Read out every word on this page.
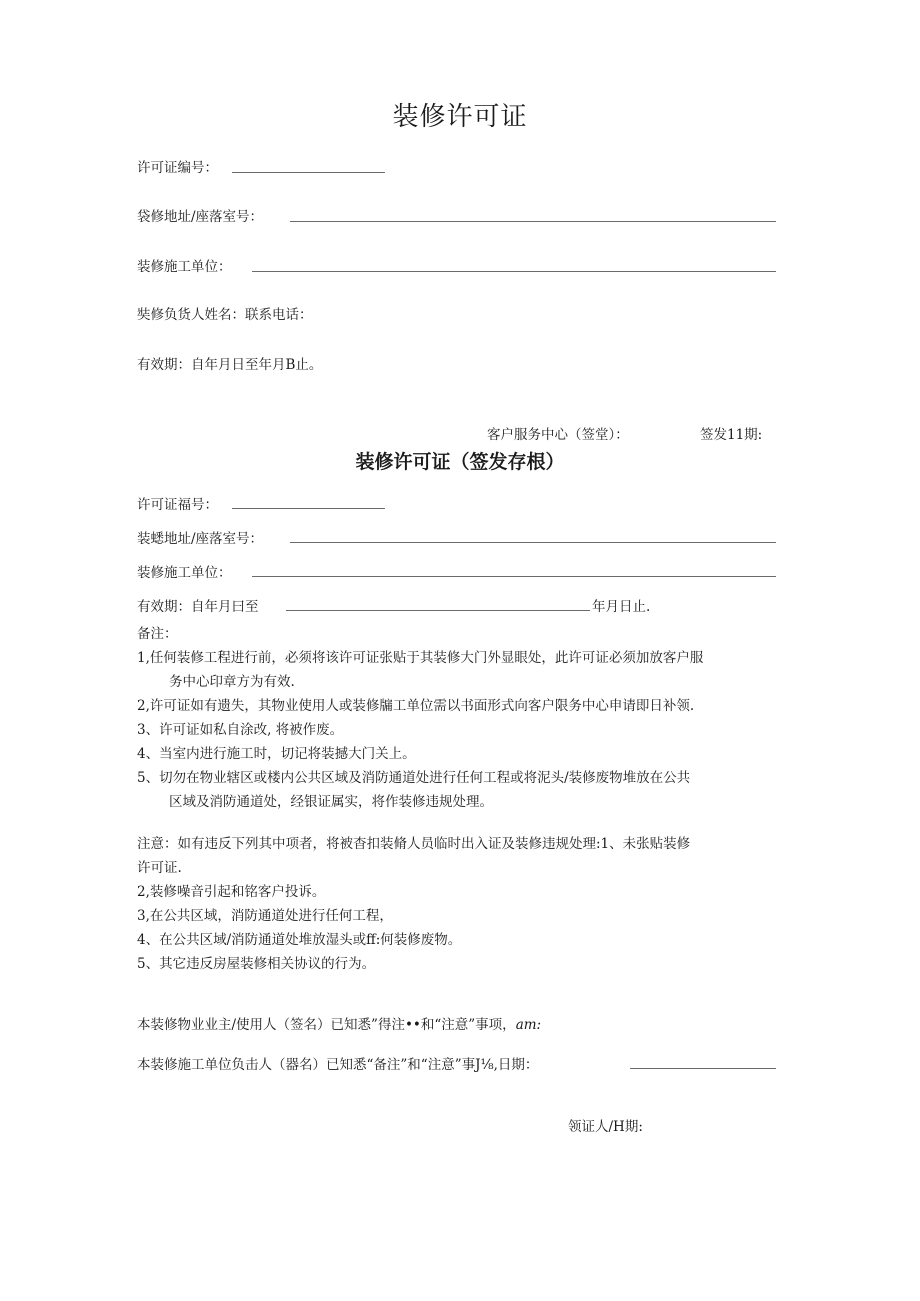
装修许可证
许可证编号：
袋修地址/座落室号：
装修施工单位：
奘修负货人姓名：联系电话：
有效期：自年月日至年月B止。
客户服务中心（签堂）：	签发11期:
装修许可证（签发存根）
许可证福号：
装蟋地址/座落室号：
装修施工单位：
有效期：自年月曰至	年月日止.
备注：
1,任何装修工程进行前，必须将该许可证张贴于其装修大门外显眼处，此许可证必须加放客户服
务中心印章方为有效.
2,许可证如有遗失，其物业使用人或装修牖工单位需以书面形式向客户限务中心申请即日补领.
3、许可证如私自涂改, 将被作废。
4、当室内进行施工时，切记将装撼大门关上。
5、切勿在物业辖区或楼内公共区域及消防通道处进行任何工程或将泥头/装修废物堆放在公共
区域及消防通道处，经银证属实，将作装修违规处理。
注意：如有违反下列其中项者，将被杳扣装脩人员临时出入证及装修违规处理:1、未张贴装修
许可证.
2,装修噪音引起和铭客户投诉。
3,在公共区域，消防通道处进行任何工程，
4、在公共区域/消防通道处堆放湿头或ff:何装修废物。
5、其它违反房屋装修相关协议的行为。
本装修物业业主/使用人（签名）已知悉”得注••和“注意”事项，am:
本装修施工单位负击人（器名）已知悉“备注”和“注意”事J⅛,日期：
领证人/H期:
